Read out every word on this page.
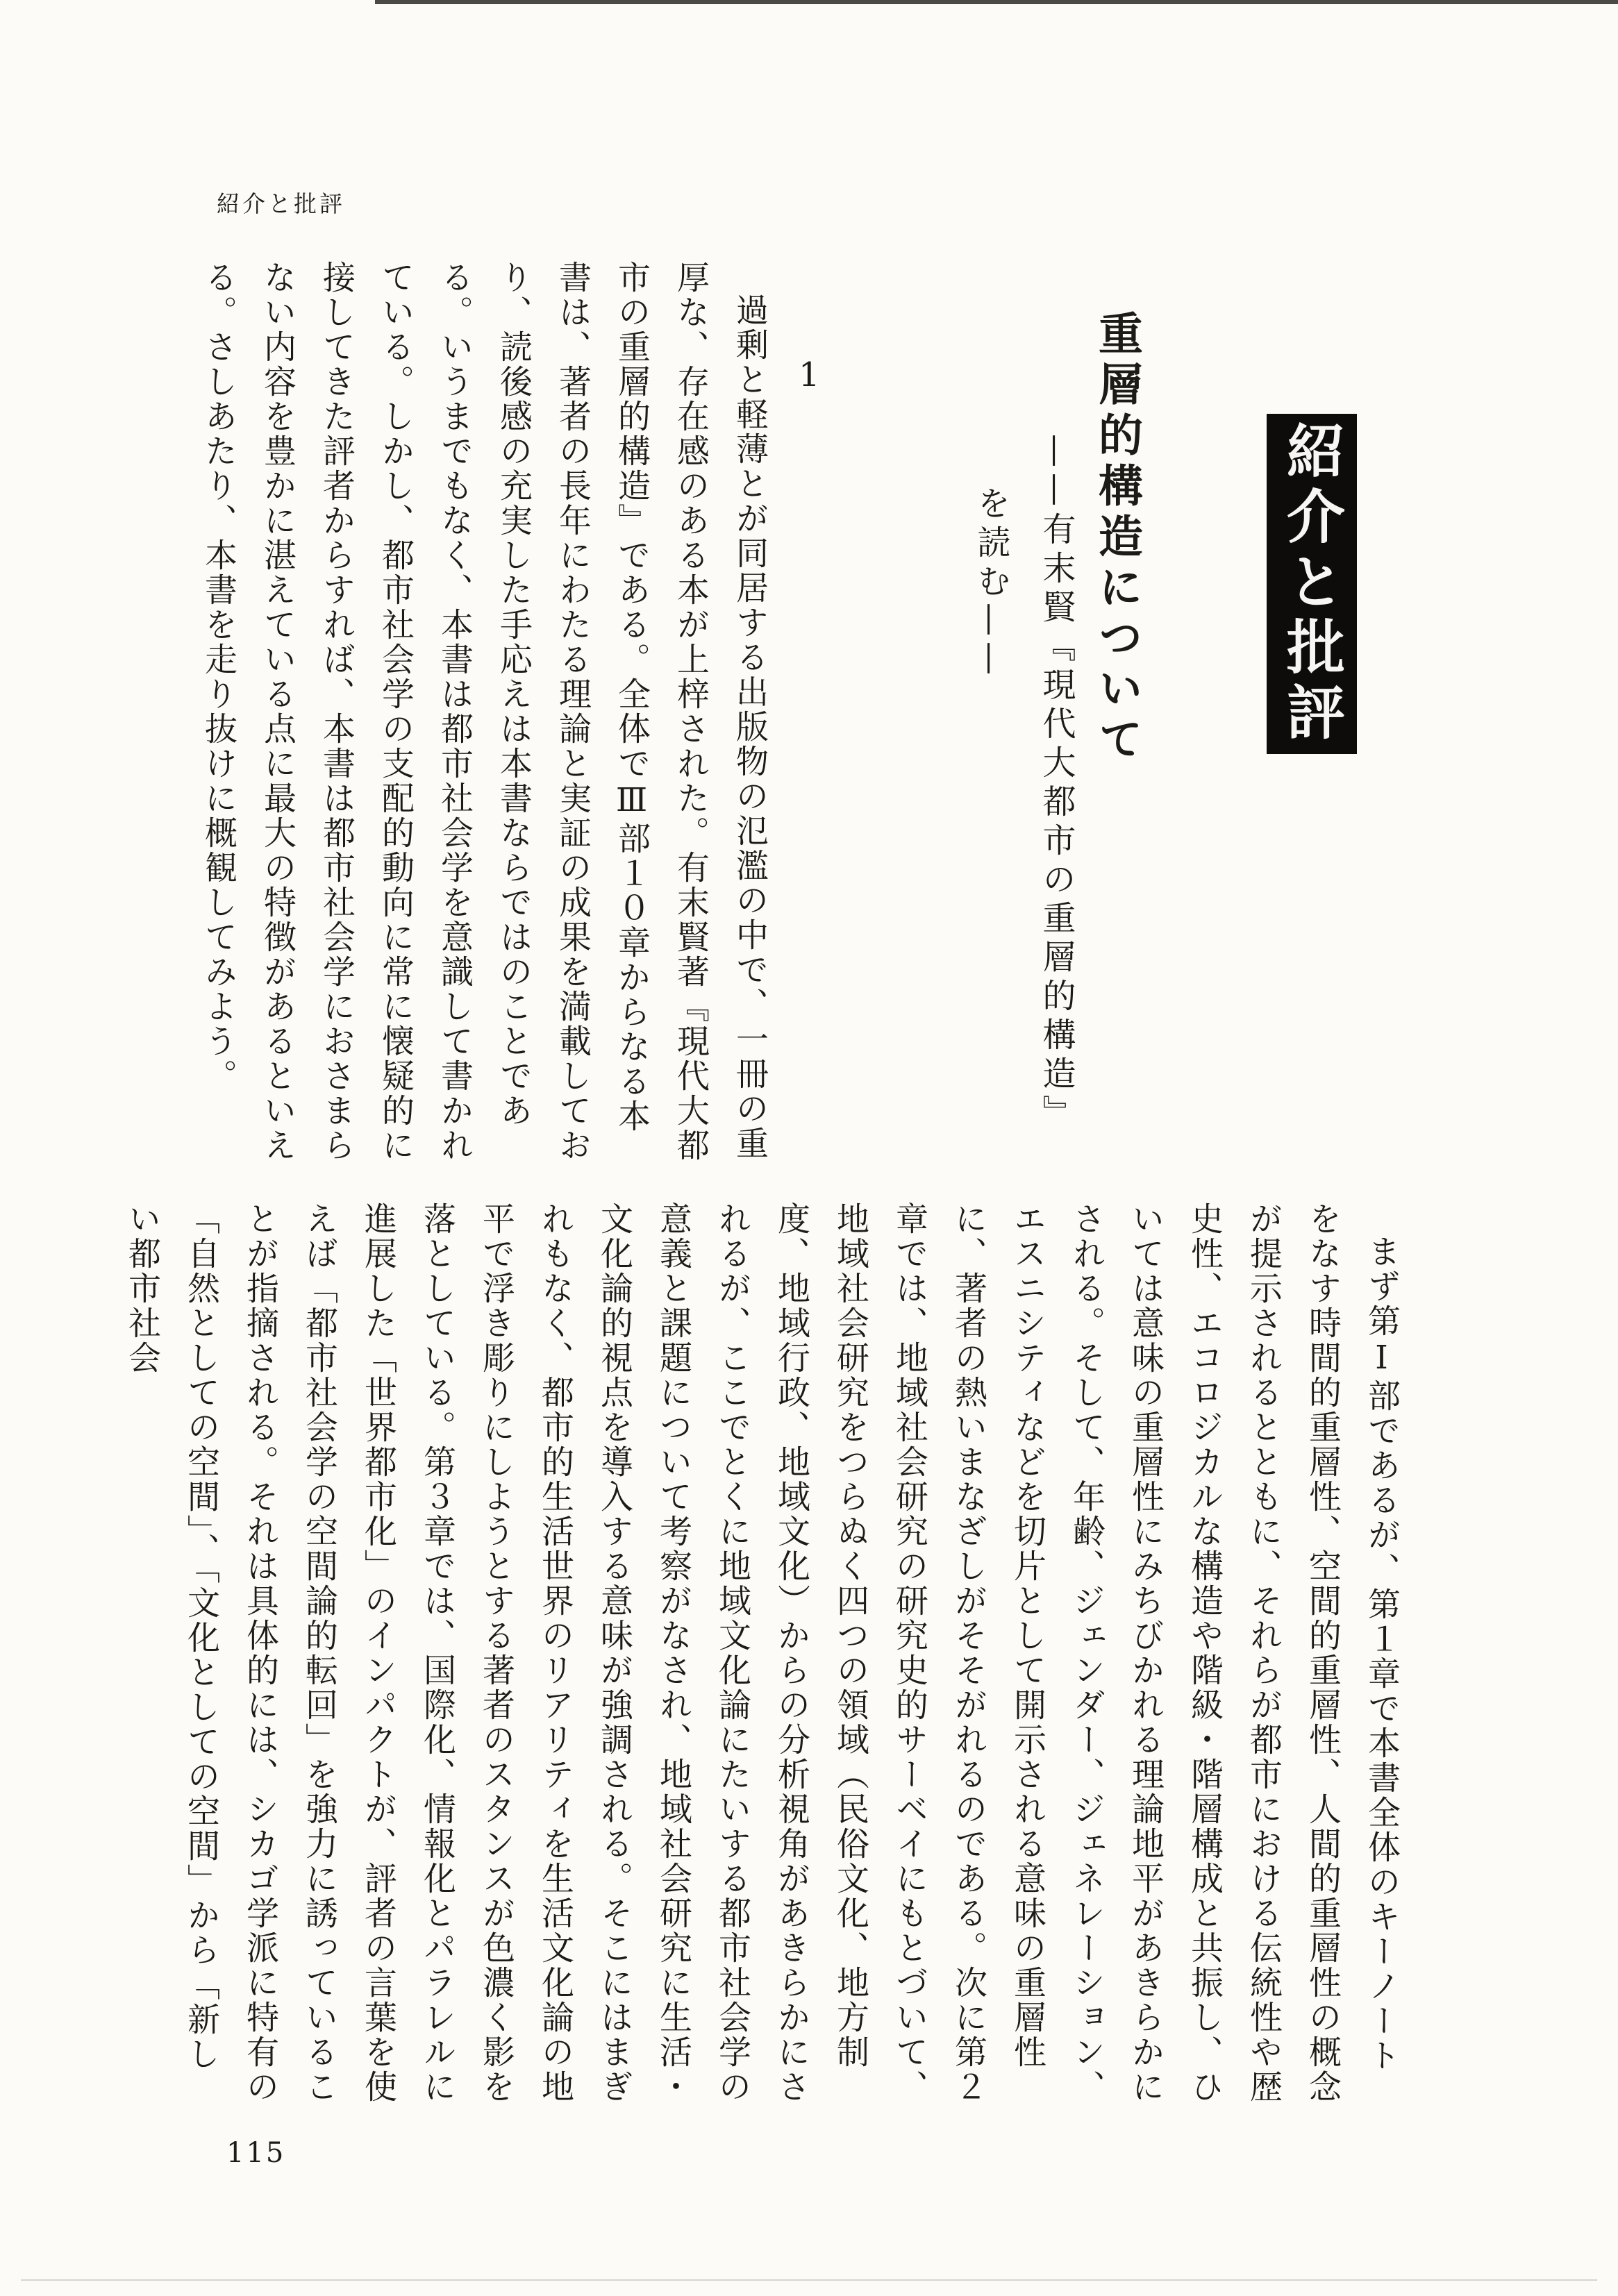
紹介と批評
紹介と批評
重層的構造について
——有末賢『現代大都市の重層的構造』
を読む——
1
過剰と軽薄とが同居する出版物の氾濫の中で、一冊の重厚な、存在感のある本が上梓された。有末賢著『現代大都市の重層的構造』である。全体でⅢ部１０章からなる本書は、著者の長年にわたる理論と実証の成果を満載しており、読後感の充実した手応えは本書ならではのことである。いうまでもなく、本書は都市社会学を意識して書かれている。しかし、都市社会学の支配的動向に常に懐疑的に接してきた評者からすれば、本書は都市社会学におさまらない内容を豊かに湛えている点に最大の特徴があるといえる。さしあたり、本書を走り抜けに概観してみよう。
まず第Ⅰ部であるが、第１章で本書全体のキーノートをなす時間的重層性、空間的重層性、人間的重層性の概念が提示されるとともに、それらが都市における伝統性や歴史性、エコロジカルな構造や階級・階層構成と共振し、ひいては意味の重層性にみちびかれる理論地平があきらかにされる。そして、年齢、ジェンダー、ジェネレーション、エスニシティなどを切片として開示される意味の重層性に、著者の熱いまなざしがそそがれるのである。次に第２章では、地域社会研究の研究史的サーベイにもとづいて、地域社会研究をつらぬく四つの領域（民俗文化、地方制度、地域行政、地域文化）からの分析視角があきらかにされるが、ここでとくに地域文化論にたいする都市社会学の意義と課題について考察がなされ、地域社会研究に生活・文化論的視点を導入する意味が強調される。そこにはまぎれもなく、都市的生活世界のリアリティを生活文化論の地平で浮き彫りにしようとする著者のスタンスが色濃く影を落としている。第３章では、国際化、情報化とパラレルに進展した「世界都市化」のインパクトが、評者の言葉を使えば「都市社会学の空間論的転回」を強力に誘っていることが指摘される。それは具体的には、シカゴ学派に特有の「自然としての空間」、「文化としての空間」から「新しい都市社会
115
